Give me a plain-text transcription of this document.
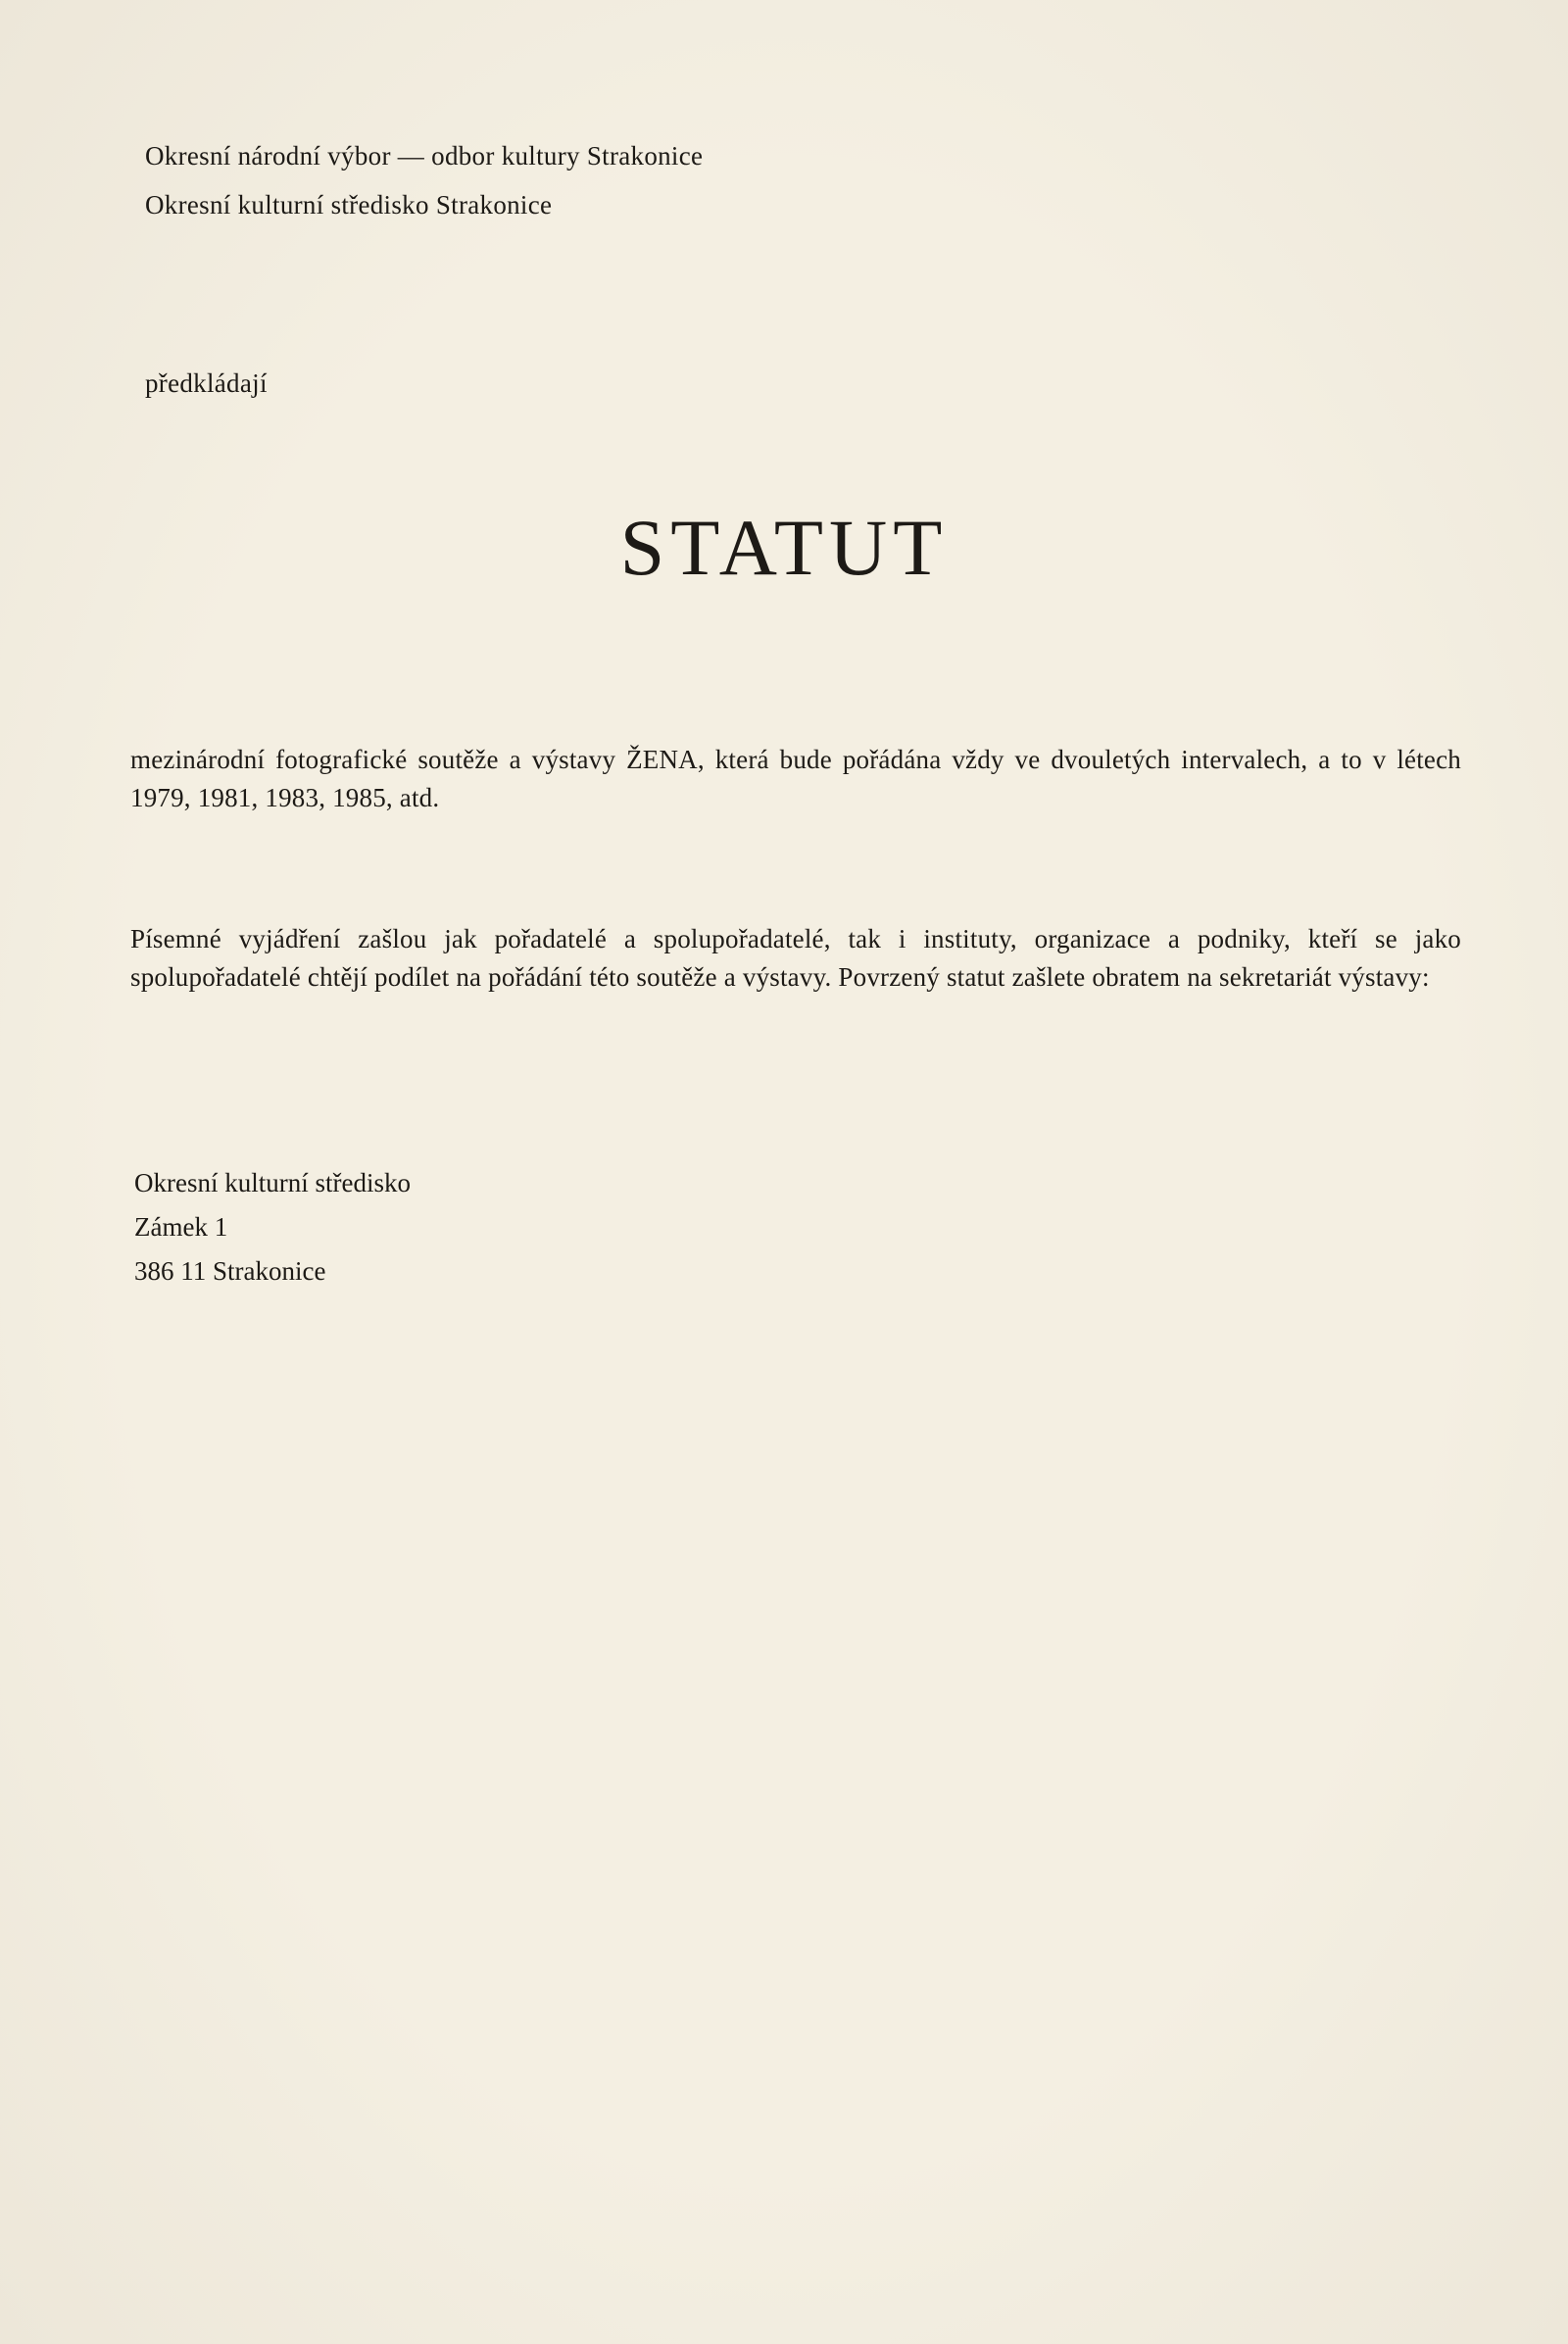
Okresní národní výbor — odbor kultury Strakonice
Okresní kulturní středisko Strakonice
předkládají
STATUT

mezinárodní fotografické soutěže a výstavy ŽENA, která bude pořádána vždy ve dvouletých intervalech, a to v létech 1979, 1981, 1983, 1985, atd.

Písemné vyjádření zašlou jak pořadatelé a spolupořadatelé, tak i instituty, organizace a podniky, kteří se jako spolupořadatelé chtějí podílet na pořádání této soutěže a výstavy. Povrzený statut zašlete obratem na sekretariát výstavy:

Okresní kulturní středisko
Zámek 1
386 11 Strakonice
